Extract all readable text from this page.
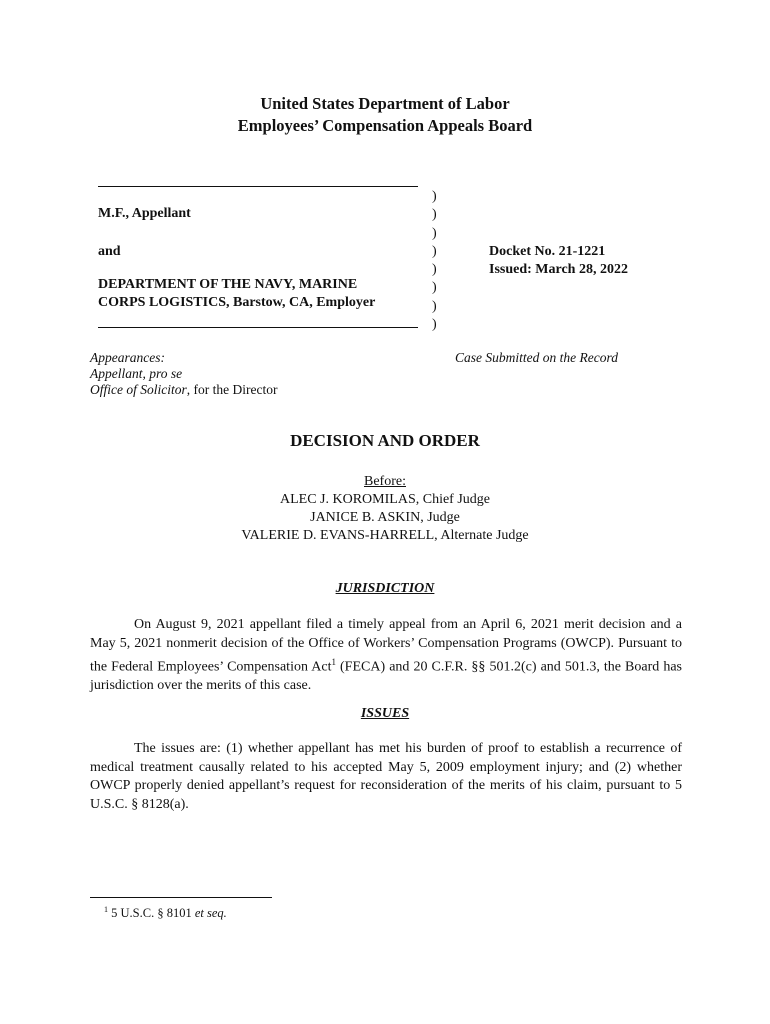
United States Department of Labor
Employees’ Compensation Appeals Board
M.F., Appellant
and
DEPARTMENT OF THE NAVY, MARINE
CORPS LOGISTICS, Barstow, CA, Employer
)
)
)
)
)
)
)
)
Docket No. 21-1221
Issued: March 28, 2022
Appearances:
Appellant, pro se
Office of Solicitor, for the Director
Case Submitted on the Record
DECISION AND ORDER
Before:
ALEC J. KOROMILAS, Chief Judge
JANICE B. ASKIN, Judge
VALERIE D. EVANS-HARRELL, Alternate Judge
JURISDICTION
On August 9, 2021 appellant filed a timely appeal from an April 6, 2021 merit decision and a May 5, 2021 nonmerit decision of the Office of Workers’ Compensation Programs (OWCP). Pursuant to the Federal Employees’ Compensation Act$^1$ (FECA) and 20 C.F.R. §§ 501.2(c) and 501.3, the Board has jurisdiction over the merits of this case.
ISSUES
The issues are: (1) whether appellant has met his burden of proof to establish a recurrence of medical treatment causally related to his accepted May 5, 2009 employment injury; and (2) whether OWCP properly denied appellant’s request for reconsideration of the merits of his claim, pursuant to 5 U.S.C. § 8128(a).
$^1$ 5 U.S.C. § 8101 et seq.
